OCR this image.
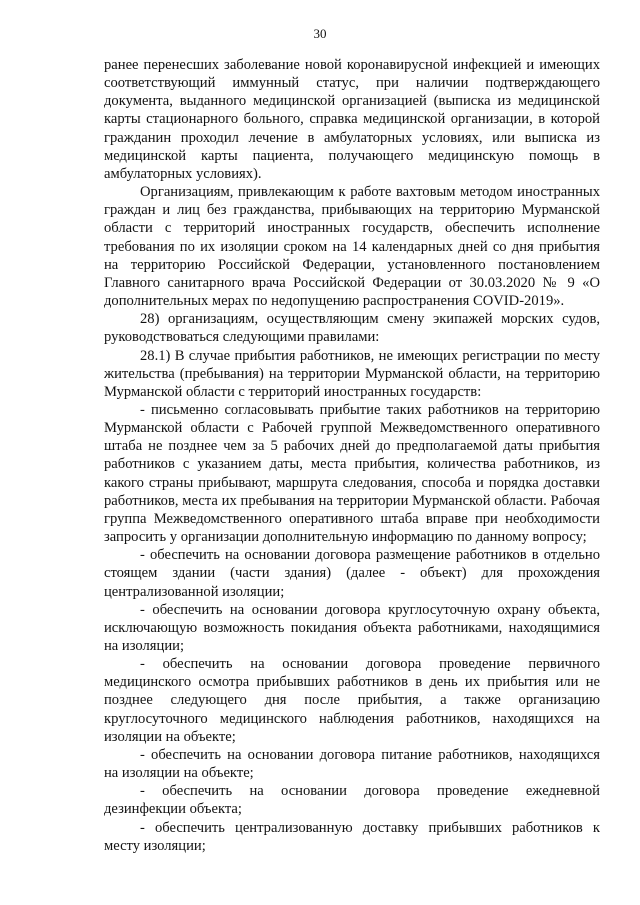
30

ранее перенесших заболевание новой коронавирусной инфекцией и имеющих соответствующий иммунный статус, при наличии подтверждающего документа, выданного медицинской организацией (выписка из медицинской карты стационарного больного, справка медицинской организации, в которой гражданин проходил лечение в амбулаторных условиях, или выписка из медицинской карты пациента, получающего медицинскую помощь в амбулаторных условиях).

Организациям, привлекающим к работе вахтовым методом иностранных граждан и лиц без гражданства, прибывающих на территорию Мурманской области с территорий иностранных государств, обеспечить исполнение требования по их изоляции сроком на 14 календарных дней со дня прибытия на территорию Российской Федерации, установленного постановлением Главного санитарного врача Российской Федерации от 30.03.2020 № 9 «О дополнительных мерах по недопущению распространения COVID-2019».

28) организациям, осуществляющим смену экипажей морских судов, руководствоваться следующими правилами:

28.1) В случае прибытия работников, не имеющих регистрации по месту жительства (пребывания) на территории Мурманской области, на территорию Мурманской области с территорий иностранных государств:

- письменно согласовывать прибытие таких работников на территорию Мурманской области с Рабочей группой Межведомственного оперативного штаба не позднее чем за 5 рабочих дней до предполагаемой даты прибытия работников с указанием даты, места прибытия, количества работников, из какого страны прибывают, маршрута следования, способа и порядка доставки работников, места их пребывания на территории Мурманской области. Рабочая группа Межведомственного оперативного штаба вправе при необходимости запросить у организации дополнительную информацию по данному вопросу;

- обеспечить на основании договора размещение работников в отдельно стоящем здании (части здания) (далее - объект) для прохождения централизованной изоляции;

- обеспечить на основании договора круглосуточную охрану объекта, исключающую возможность покидания объекта работниками, находящимися на изоляции;

- обеспечить на основании договора проведение первичного медицинского осмотра прибывших работников в день их прибытия или не позднее следующего дня после прибытия, а также организацию круглосуточного медицинского наблюдения работников, находящихся на изоляции на объекте;

- обеспечить на основании договора питание работников, находящихся на изоляции на объекте;

- обеспечить на основании договора проведение ежедневной дезинфекции объекта;

- обеспечить централизованную доставку прибывших работников к месту изоляции;
